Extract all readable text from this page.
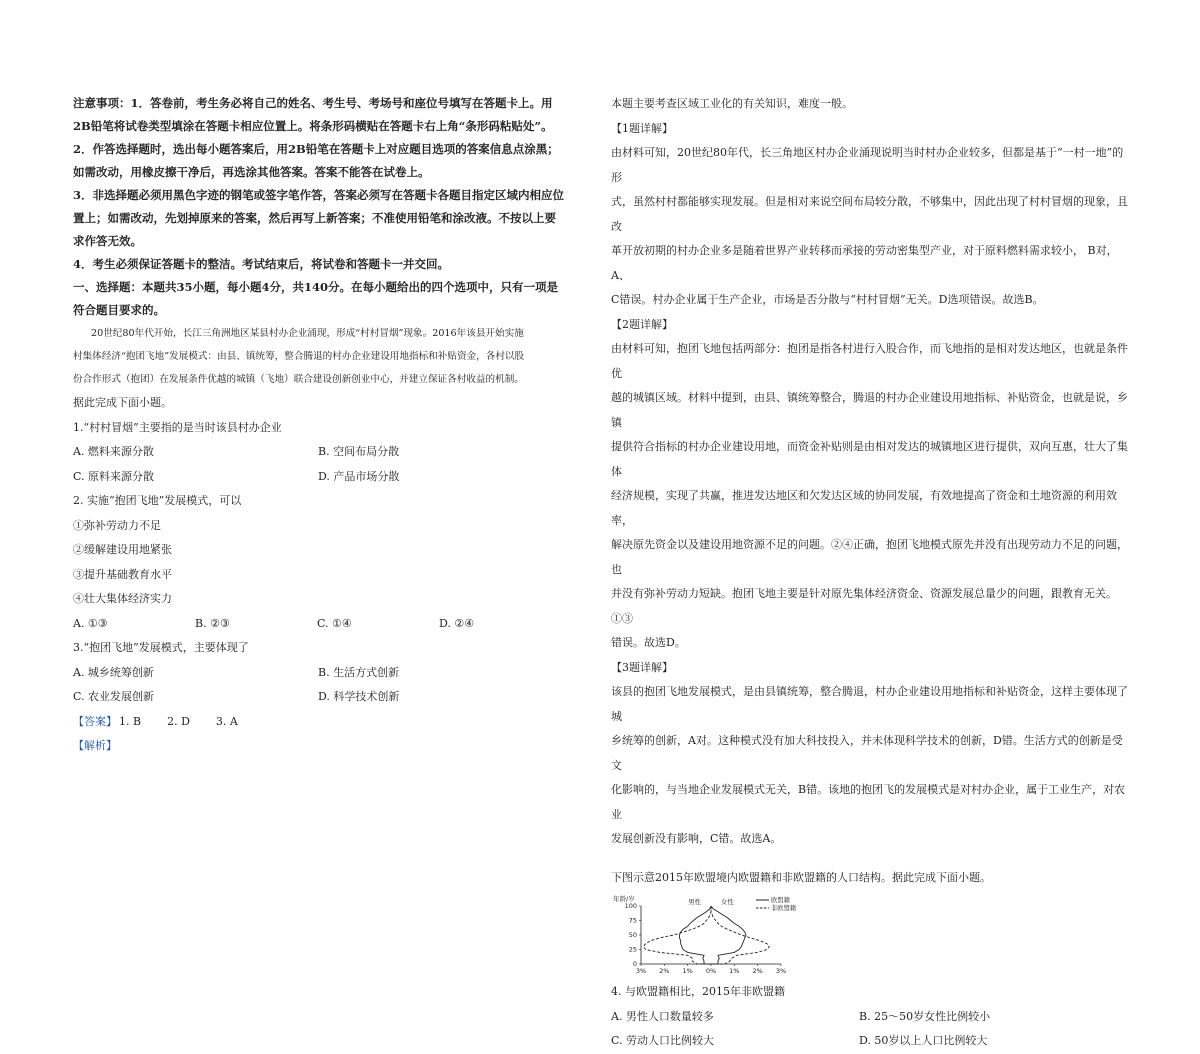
注意事项：1．答卷前，考生务必将自己的姓名、考生号、考场号和座位号填写在答题卡上。用

2B铅笔将试卷类型填涂在答题卡相应位置上。将条形码横贴在答题卡右上角“条形码粘贴处”。

2．作答选择题时，选出每小题答案后，用2B铅笔在答题卡上对应题目选项的答案信息点涂黑；

如需改动，用橡皮擦干净后，再选涂其他答案。答案不能答在试卷上。

3．非选择题必须用黑色字迹的钢笔或签字笔作答，答案必须写在答题卡各题目指定区域内相应位

置上；如需改动，先划掉原来的答案，然后再写上新答案；不准使用铅笔和涂改液。不按以上要

求作答无效。

4．考生必须保证答题卡的整洁。考试结束后，将试卷和答题卡一并交回。

一、选择题：本题共35小题，每小题4分，共140分。在每小题给出的四个选项中，只有一项是

符合题目要求的。

20世纪80年代开始，长江三角洲地区某县村办企业涌现，形成“村村冒烟”现象。2016年该县开始实施

村集体经济“抱团飞地”发展模式：由县、镇统筹，整合腾退的村办企业建设用地指标和补贴资金，各村以股

份合作形式（抱团）在发展条件优越的城镇（飞地）联合建设创新创业中心，并建立保证各村收益的机制。

据此完成下面小题。

1.“村村冒烟”主要指的是当时该县村办企业

A. 燃料来源分散	B. 空间布局分散
C. 原料来源分散	D. 产品市场分散

2. 实施“抱团飞地”发展模式，可以

①弥补劳动力不足

②缓解建设用地紧张

③提升基础教育水平

④壮大集体经济实力

A. ①③	B. ②③	C. ①④	D. ②④

3.“抱团飞地”发展模式，主要体现了

A. 城乡统筹创新	B. 生活方式创新
C. 农业发展创新	D. 科学技术创新
【答案】 1. B 2. D 3. A

【解析】

本题主要考查区域工业化的有关知识，难度一般。

【1题详解】

由材料可知，20世纪80年代，长三角地区村办企业涌现说明当时村办企业较多，但都是基于“一村一地”的形

式，虽然村村都能够实现发展。但是相对来说空间布局较分散，不够集中，因此出现了村村冒烟的现象，且改

革开放初期的村办企业多是随着世界产业转移而承接的劳动密集型产业，对于原料燃料需求较小， B对， A、

C错误。村办企业属于生产企业，市场是否分散与“村村冒烟”无关。D选项错误。故选B。

【2题详解】

由材料可知，抱团飞地包括两部分：抱团是指各村进行入股合作，而飞地指的是相对发达地区，也就是条件优

越的城镇区域。材料中提到，由县、镇统筹整合，腾退的村办企业建设用地指标、补贴资金，也就是说，乡镇

提供符合指标的村办企业建设用地，而资金补贴则是由相对发达的城镇地区进行提供，双向互惠，壮大了集体

经济规模，实现了共赢，推进发达地区和欠发达区域的协同发展，有效地提高了资金和土地资源的利用效率，

解决原先资金以及建设用地资源不足的问题。②④正确，抱团飞地模式原先并没有出现劳动力不足的问题，也

并没有弥补劳动力短缺。抱团飞地主要是针对原先集体经济资金、资源发展总量少的问题，跟教育无关。①③

错误。故选D。

【3题详解】

该县的抱团飞地发展模式，是由县镇统筹，整合腾退，村办企业建设用地指标和补贴资金，这样主要体现了城

乡统筹的创新，A对。这种模式没有加大科技投入，并未体现科学技术的创新，D错。生活方式的创新是受文

化影响的，与当地企业发展模式无关，B错。该地的抱团飞的发展模式是对村办企业，属于工业生产，对农业

发展创新没有影响，C错。故选A。

下图示意2015年欧盟境内欧盟籍和非欧盟籍的人口结构。据此完成下面小题。

年龄/岁
100
75
50
25
0
3% 2% 1% 0% 1% 2% 3%
男性	女性	欧盟籍
非欧盟籍

4. 与欧盟籍相比，2015年非欧盟籍

A. 男性人口数量较多	B. 25～50岁女性比例较小
C. 劳动人口比例较大	D. 50岁以上人口比例较大
